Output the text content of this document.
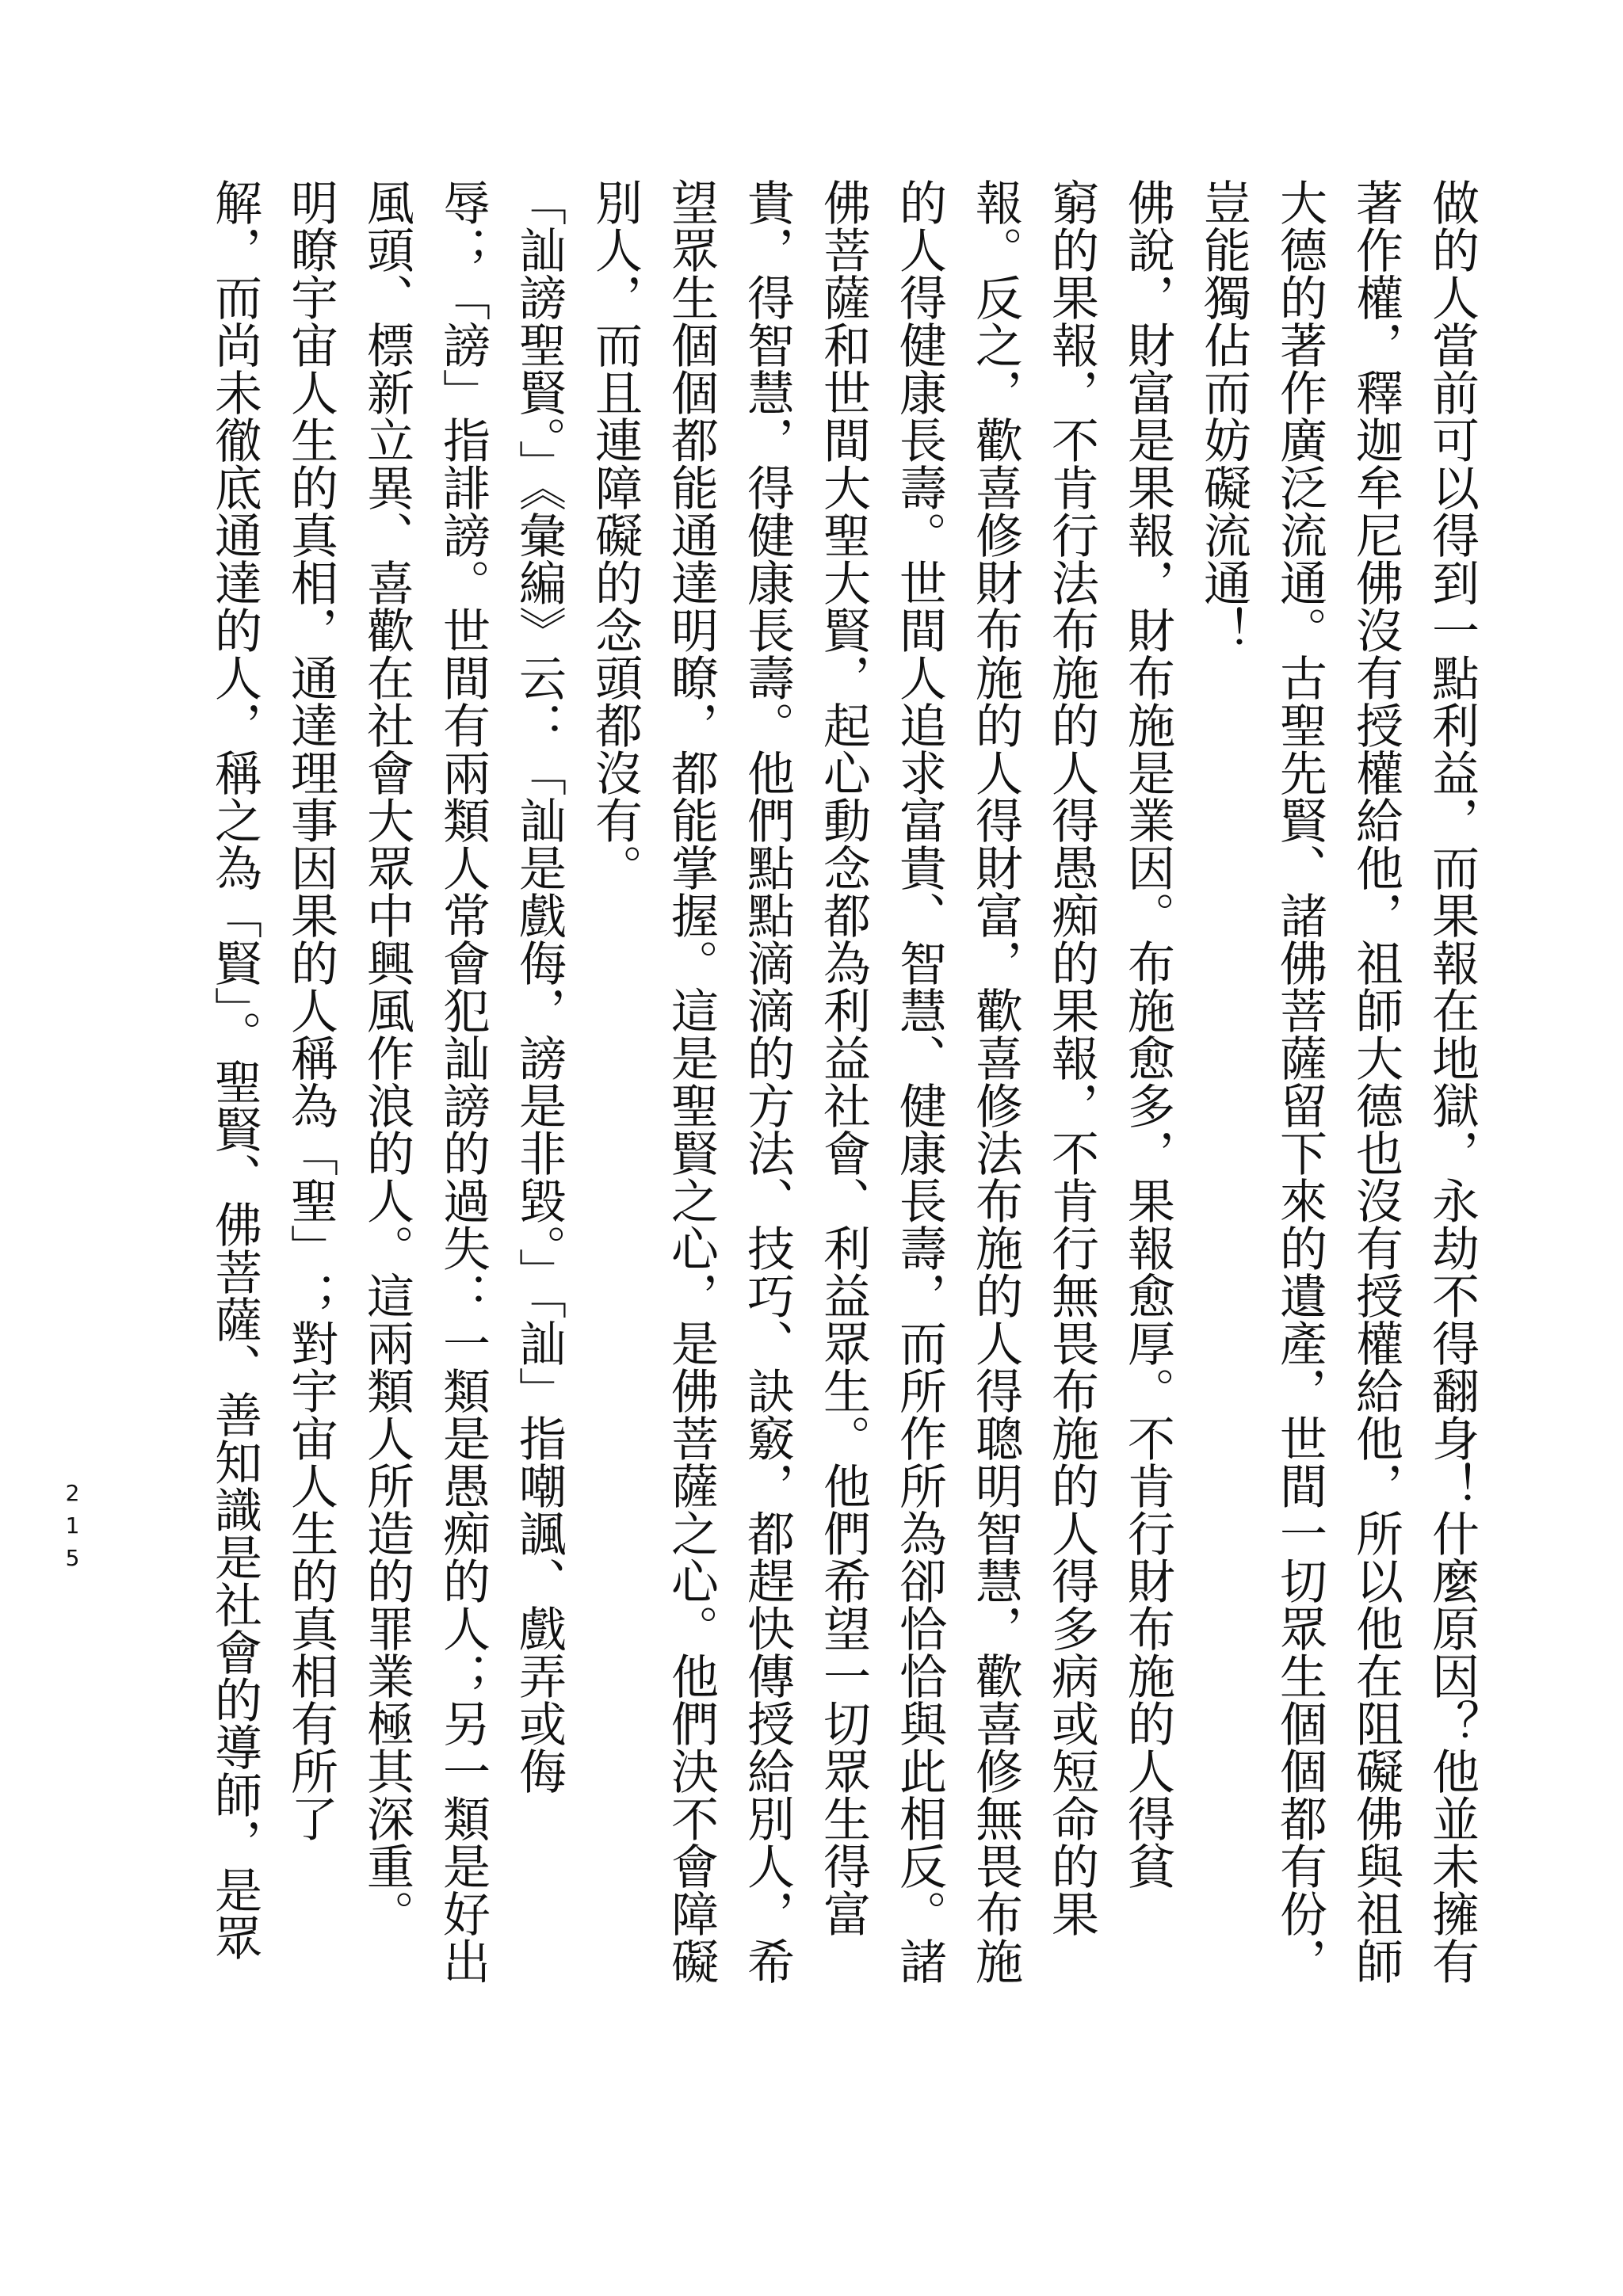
做的人當前可以得到一點利益，而果報在地獄，永劫不得翻身！什麼原因？他並未擁有
著作權，釋迦牟尼佛沒有授權給他，祖師大德也沒有授權給他，所以他在阻礙佛與祖師
大德的著作廣泛流通。古聖先賢、諸佛菩薩留下來的遺產，世間一切眾生個個都有份，
豈能獨佔而妨礙流通！
佛說，財富是果報，財布施是業因。布施愈多，果報愈厚。不肯行財布施的人得貧
窮的果報，不肯行法布施的人得愚痴的果報，不肯行無畏布施的人得多病或短命的果
報。反之，歡喜修財布施的人得財富，歡喜修法布施的人得聰明智慧，歡喜修無畏布施
的人得健康長壽。世間人追求富貴、智慧、健康長壽，而所作所為卻恰恰與此相反。諸
佛菩薩和世間大聖大賢，起心動念都為利益社會、利益眾生。他們希望一切眾生得富
貴，得智慧，得健康長壽。他們點點滴滴的方法、技巧、訣竅，都趕快傳授給別人，希
望眾生個個都能通達明瞭，都能掌握。這是聖賢之心，是佛菩薩之心。他們決不會障礙
別人，而且連障礙的念頭都沒有。
「訕謗聖賢。」《彙編》云：「訕是戲侮，謗是非毀。」「訕」指嘲諷、戲弄或侮
辱；「謗」指誹謗。世間有兩類人常會犯訕謗的過失：一類是愚痴的人；另一類是好出
風頭、標新立異、喜歡在社會大眾中興風作浪的人。這兩類人所造的罪業極其深重。
明瞭宇宙人生的真相，通達理事因果的人稱為「聖」；對宇宙人生的真相有所了
解，而尚未徹底通達的人，稱之為「賢」。聖賢、佛菩薩、善知識是社會的導師，是眾
215
